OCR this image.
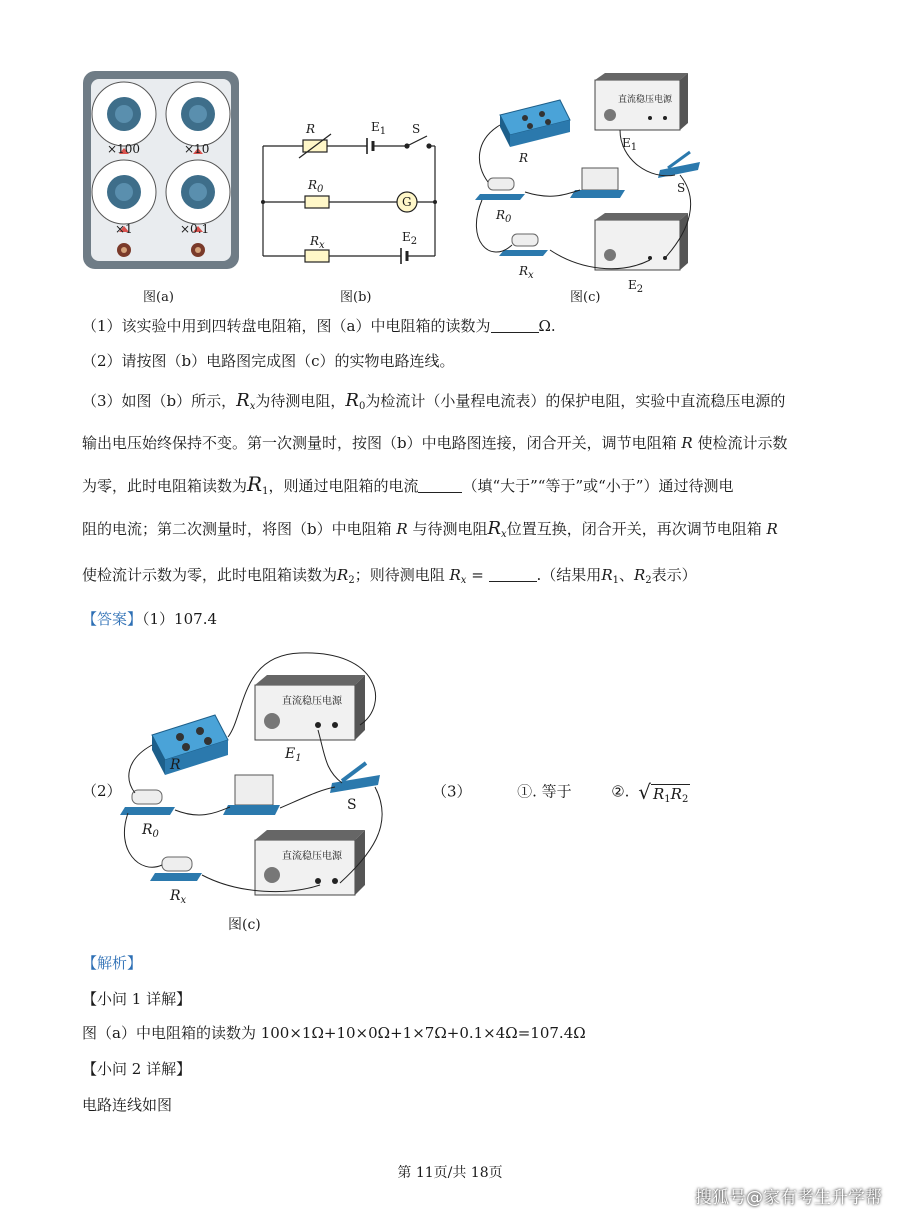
×100	×10
×1	×0.1
图(a)
R	$E_1$ S
$R_0$
G
$R_x$
$E_2$
图(b)
直流稳压电源
R
$E_1$
S
$R_0$
$R_x$
$E_2$
图(c)
（1）该实验中用到四转盘电阻箱，图（a）中电阻箱的读数为	Ω.
（2）请按图（b）电路图完成图（c）的实物电路连线。
（3）如图（b）所示，$R_x$为待测电阻，$R_0$为检流计（小量程电流表）的保护电阻，实验中直流稳压电源的
输出电压始终保持不变。第一次测量时，按图（b）中电路图连接，闭合开关，调节电阻箱 R 使检流计示数
为零，此时电阻箱读数为$R_1$，则通过电阻箱的电流	（填“大于”“等于”或“小于”）通过待测电
阻的电流；第二次测量时，将图（b）中电阻箱 R 与待测电阻$R_x$位置互换，闭合开关，再次调节电阻箱 R
使检流计示数为零，此时电阻箱读数为$R_2$；则待测电阻 $R_x$ =	.（结果用$R_1$、$R_2$表示）
【答案】（1）107.4
（2）
直流稳压电源
直流稳压电源
R
$E_1$
S
$R_0$
$R_x$
图(c)
（3）	①. 等于	②. √ $R_1R_2$
【解析】
【小问 1 详解】
图（a）中电阻箱的读数为 100×1Ω+10×0Ω+1×7Ω+0.1×4Ω=107.4Ω
【小问 2 详解】
电路连线如图
第 11页/共 18页
搜狐号@家有考生升学帮
